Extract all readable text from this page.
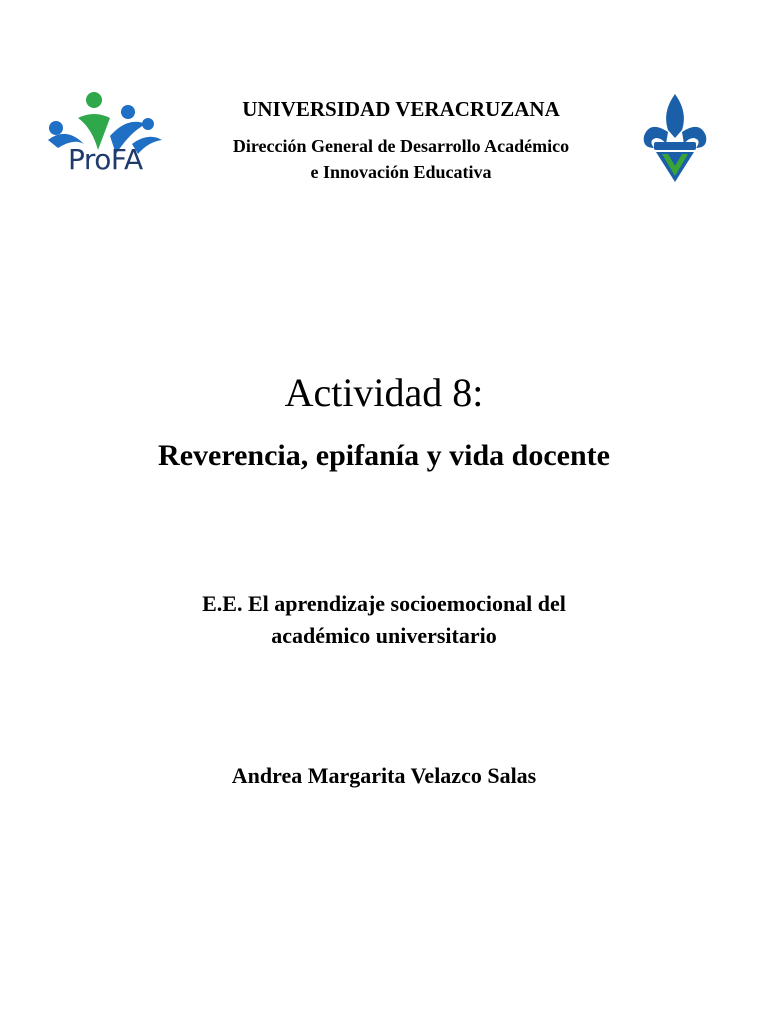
ProFA
UNIVERSIDAD VERACRUZANA
Dirección General de Desarrollo Académico
e Innovación Educativa
Actividad 8:
Reverencia, epifanía y vida docente
E.E. El aprendizaje socioemocional del
académico universitario
Andrea Margarita Velazco Salas
